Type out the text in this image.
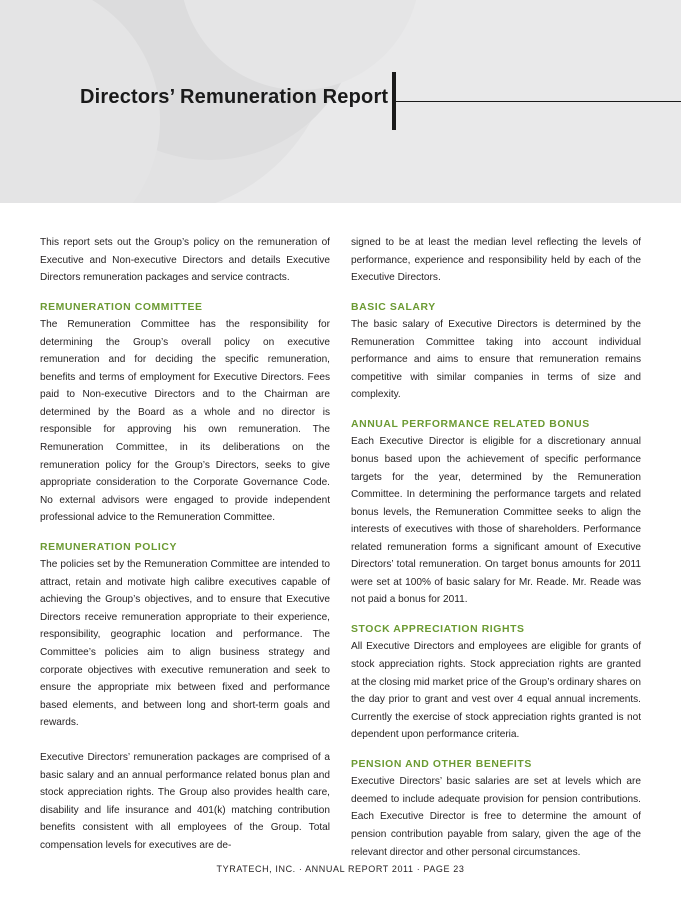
Directors’ Remuneration Report

This report sets out the Group’s policy on the remuneration of Executive and Non-executive Directors and details Executive Directors remuneration packages and service contracts.

REMUNERATION COMMITTEE

The Remuneration Committee has the responsibility for determining the Group’s overall policy on executive remuneration and for deciding the specific remuneration, benefits and terms of employment for Executive Directors. Fees paid to Non-executive Directors and to the Chairman are determined by the Board as a whole and no director is responsible for approving his own remuneration. The Remuneration Committee, in its deliberations on the remuneration policy for the Group’s Directors, seeks to give appropriate consideration to the Corporate Governance Code. No external advisors were engaged to provide independent professional advice to the Remuneration Committee.

REMUNERATION POLICY

The policies set by the Remuneration Committee are intended to attract, retain and motivate high calibre executives capable of achieving the Group’s objectives, and to ensure that Executive Directors receive remuneration appropriate to their experience, responsibility, geographic location and performance. The Committee’s policies aim to align business strategy and corporate objectives with executive remuneration and seek to ensure the appropriate mix between fixed and performance based elements, and between long and short-term goals and rewards.

Executive Directors’ remuneration packages are comprised of a basic salary and an annual performance related bonus plan and stock appreciation rights. The Group also provides health care, disability and life insurance and 401(k) matching contribution benefits consistent with all employees of the Group. Total compensation levels for executives are de-

signed to be at least the median level reflecting the levels of performance, experience and responsibility held by each of the Executive Directors.

BASIC SALARY

The basic salary of Executive Directors is determined by the Remuneration Committee taking into account individual performance and aims to ensure that remuneration remains competitive with similar companies in terms of size and complexity.

ANNUAL PERFORMANCE RELATED BONUS

Each Executive Director is eligible for a discretionary annual bonus based upon the achievement of specific performance targets for the year, determined by the Remuneration Committee. In determining the performance targets and related bonus levels, the Remuneration Committee seeks to align the interests of executives with those of shareholders. Performance related remuneration forms a significant amount of Executive Directors’ total remuneration. On target bonus amounts for 2011 were set at 100% of basic salary for Mr. Reade. Mr. Reade was not paid a bonus for 2011.

STOCK APPRECIATION RIGHTS

All Executive Directors and employees are eligible for grants of stock appreciation rights. Stock appreciation rights are granted at the closing mid market price of the Group’s ordinary shares on the day prior to grant and vest over 4 equal annual increments. Currently the exercise of stock appreciation rights granted is not dependent upon performance criteria.

PENSION AND OTHER BENEFITS

Executive Directors’ basic salaries are set at levels which are deemed to include adequate provision for pension contributions. Each Executive Director is free to determine the amount of pension contribution payable from salary, given the age of the relevant director and other personal circumstances.

TYRATECH, INC. · ANNUAL REPORT 2011 · PAGE 23
